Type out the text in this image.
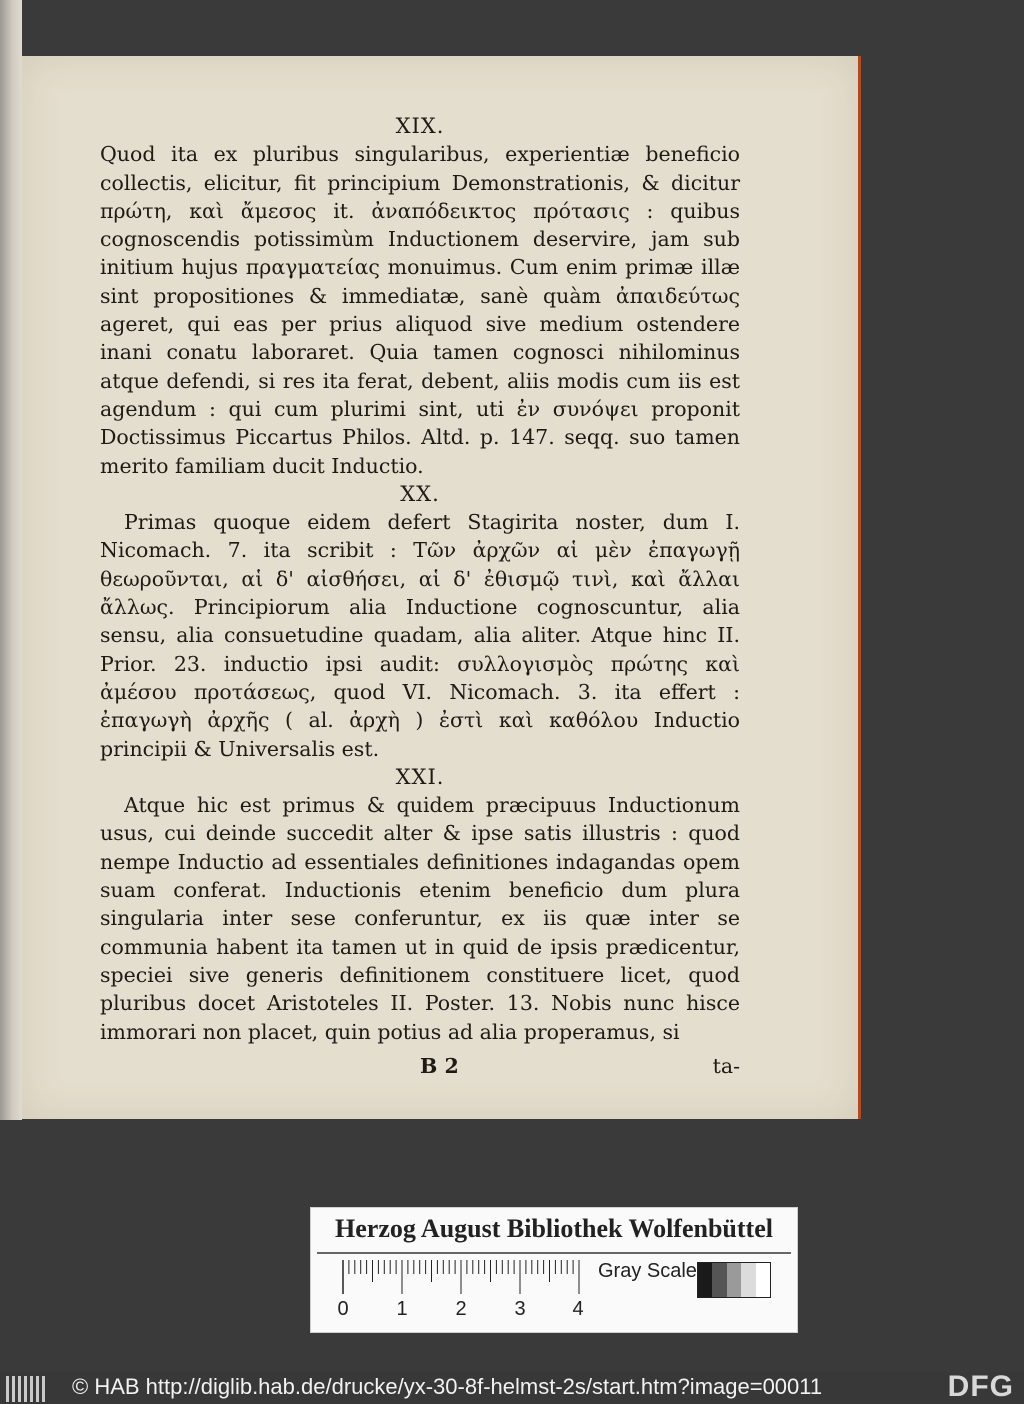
XIX.

Quod ita ex pluribus singularibus, experientiæ beneficio collectis, elicitur, fit principium Demonstrationis, & dicitur πρώτη, καὶ ἄμεσος it. ἀναπόδεικτος πρότασις : quibus cognoscendis potissimùm Inductionem deservire, jam sub initium hujus πραγματείας monuimus. Cum enim primæ illæ sint propositiones & immediatæ, sanè quàm ἀπαιδεύτως ageret, qui eas per prius aliquod sive medium ostendere inani conatu laboraret. Quia tamen cognosci nihilominus atque defendi, si res ita ferat, debent, aliis modis cum iis est agendum : qui cum plurimi sint, uti ἐν συνόψει proponit Doctissimus Piccartus Philos. Altd. p. 147. seqq. suo tamen merito familiam ducit Inductio.

XX.

Primas quoque eidem defert Stagirita noster, dum I. Nicomach. 7. ita scribit : Τῶν ἀρχῶν αἱ μὲν ἐπαγωγῇ θεωροῦνται, αἱ δ' αἰσθήσει, αἱ δ' ἐθισμῷ τινὶ, καὶ ἄλλαι ἄλλως. Principiorum alia Inductione cognoscuntur, alia sensu, alia consuetudine quadam, alia aliter. Atque hinc II. Prior. 23. inductio ipsi audit: συλλογισμὸς πρώτης καὶ ἀμέσου προτάσεως, quod VI. Nicomach. 3. ita effert : ἐπαγωγὴ ἀρχῆς ( al. ἀρχὴ ) ἐστὶ καὶ καθόλου Inductio principii & Universalis est.

XXI.

Atque hic est primus & quidem præcipuus Inductionum usus, cui deinde succedit alter & ipse satis illustris : quod nempe Inductio ad essentiales definitiones indagandas opem suam conferat. Inductionis etenim beneficio dum plura singularia inter sese conferuntur, ex iis quæ inter se communia habent ita tamen ut in quid de ipsis prædicentur, speciei sive generis definitionem constituere licet, quod pluribus docet Aristoteles II. Poster. 13. Nobis nunc hisce immorari non placet, quin potius ad alia properamus, si

B 2	ta-
Herzog August Bibliothek Wolfenbüttel
0 1 2 3 4
Gray Scale
© HAB http://diglib.hab.de/drucke/yx-30-8f-helmst-2s/start.htm?image=00011	DFG
